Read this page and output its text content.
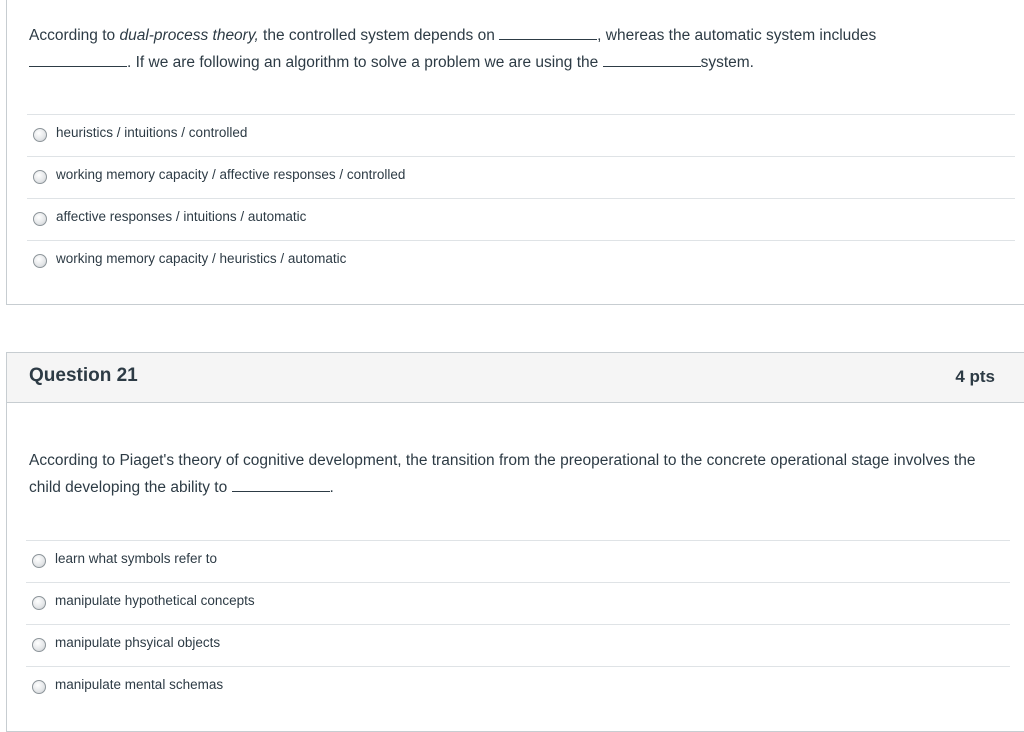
According to dual-process theory, the controlled system depends on	, whereas the automatic system includes
. If we are following an algorithm to solve a problem we are using the	system.
heuristics / intuitions / controlled
working memory capacity / affective responses / controlled
affective responses / intuitions / automatic
working memory capacity / heuristics / automatic
Question 21	4 pts
According to Piaget's theory of cognitive development, the transition from the preoperational to the concrete operational stage involves the child developing the ability to	.
learn what symbols refer to
manipulate hypothetical concepts
manipulate phsyical objects
manipulate mental schemas
